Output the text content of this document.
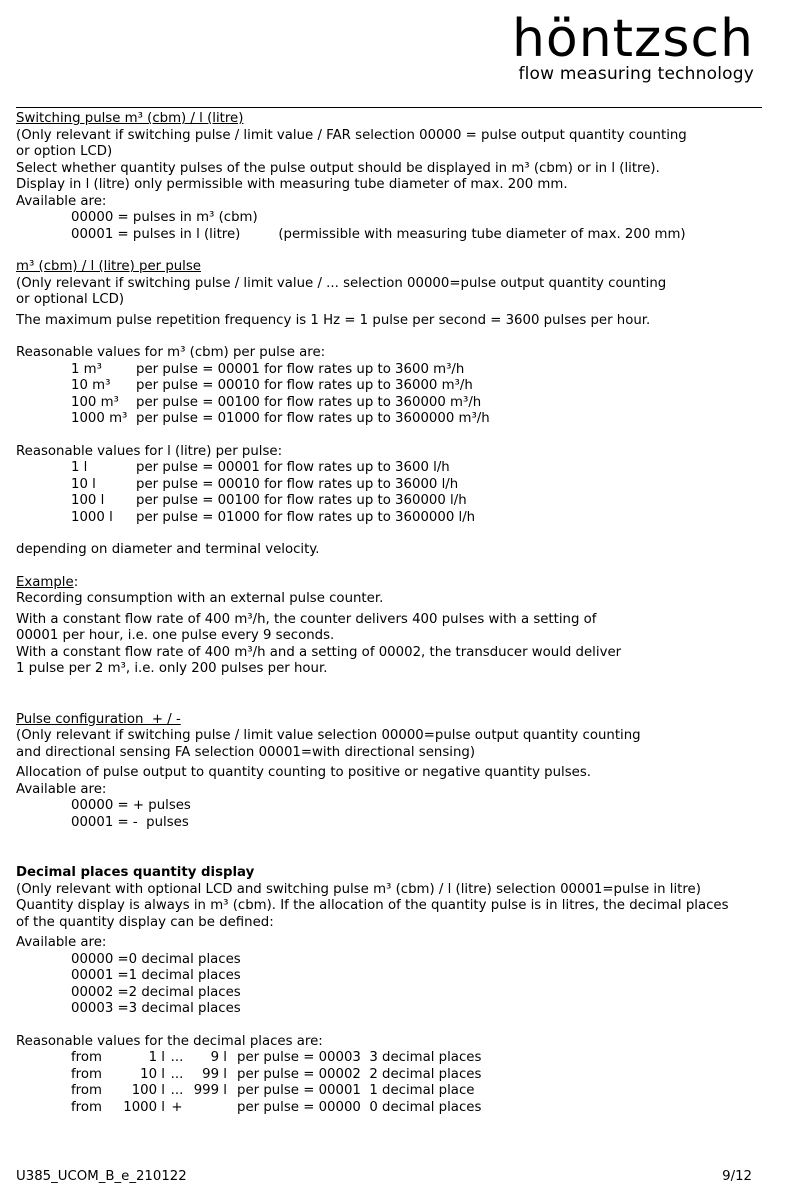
höntzsch
flow measuring technology
Switching pulse m³ (cbm) / l (litre)
(Only relevant if switching pulse / limit value / FAR selection 00000 = pulse output quantity counting
or option LCD)
Select whether quantity pulses of the pulse output should be displayed in m³ (cbm) or in l (litre).
Display in l (litre) only permissible with measuring tube diameter of max. 200 mm.
Available are:
00000 = pulses in m³ (cbm)
00001 = pulses in l (litre)	(permissible with measuring tube diameter of max. 200 mm)
m³ (cbm) / l (litre) per pulse
(Only relevant if switching pulse / limit value / ... selection 00000=pulse output quantity counting
or optional LCD)
The maximum pulse repetition frequency is 1 Hz = 1 pulse per second = 3600 pulses per hour.
Reasonable values for m³ (cbm) per pulse are:
1 m³	per pulse = 00001 for flow rates up to 3600 m³/h
10 m³ per pulse = 00010 for flow rates up to 36000 m³/h
100 m³ per pulse = 00100 for flow rates up to 360000 m³/h
1000 m³ per pulse = 01000 for flow rates up to 3600000 m³/h
Reasonable values for l (litre) per pulse:
1 l	per pulse = 00001 for flow rates up to 3600 l/h
10 l	per pulse = 00010 for flow rates up to 36000 l/h
100 l per pulse = 00100 for flow rates up to 360000 l/h
1000 l per pulse = 01000 for flow rates up to 3600000 l/h
depending on diameter and terminal velocity.
Example:
Recording consumption with an external pulse counter.
With a constant flow rate of 400 m³/h, the counter delivers 400 pulses with a setting of
00001 per hour, i.e. one pulse every 9 seconds.
With a constant flow rate of 400 m³/h and a setting of 00002, the transducer would deliver
1 pulse per 2 m³, i.e. only 200 pulses per hour.
Pulse configuration  + / -
(Only relevant if switching pulse / limit value selection 00000=pulse output quantity counting
and directional sensing FA selection 00001=with directional sensing)
Allocation of pulse output to quantity counting to positive or negative quantity pulses.
Available are:
00000 = + pulses
00001 = -  pulses
Decimal places quantity display
(Only relevant with optional LCD and switching pulse m³ (cbm) / l (litre) selection 00001=pulse in litre)
Quantity display is always in m³ (cbm). If the allocation of the quantity pulse is in litres, the decimal places
of the quantity display can be defined:
Available are:
00000 =0 decimal places
00001 =1 decimal places
00002 =2 decimal places
00003 =3 decimal places
Reasonable values for the decimal places are:
from	1 l ... 9 l per pulse = 00003  3 decimal places
from	10 l ... 99 l per pulse = 00002  2 decimal places
from 100 l ... 999 l per pulse = 00001  1 decimal place
from 1000 l +	per pulse = 00000  0 decimal places
U385_UCOM_B_e_210122	9/12
